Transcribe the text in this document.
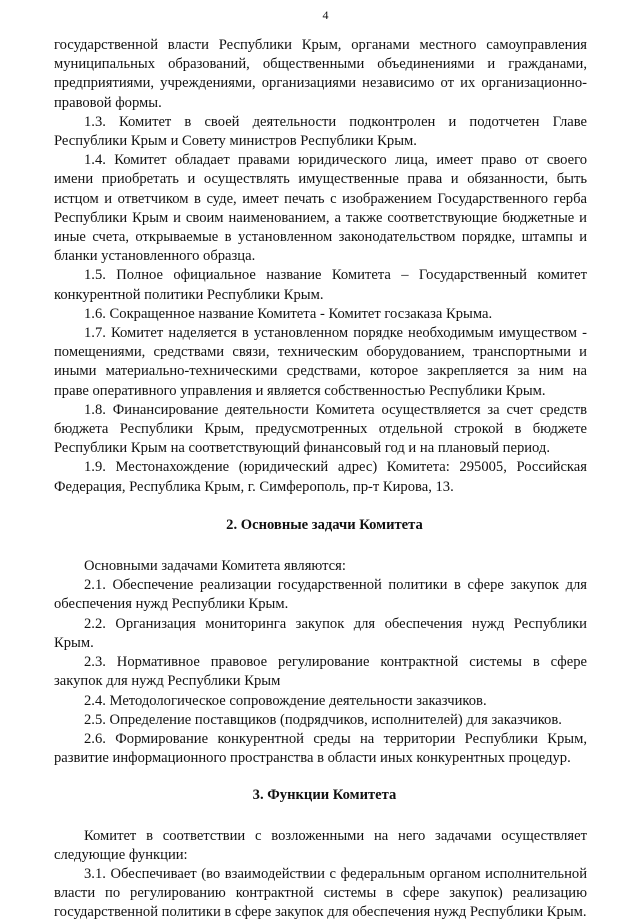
4

государственной власти Республики Крым, органами местного самоуправления муниципальных образований, общественными объединениями и гражданами, предприятиями, учреждениями, организациями независимо от их организационно-правовой формы.

1.3. Комитет в своей деятельности подконтролен и подотчетен Главе Республики Крым и Совету министров Республики Крым.

1.4. Комитет обладает правами юридического лица, имеет право от своего имени приобретать и осуществлять имущественные права и обязанности, быть истцом и ответчиком в суде, имеет печать с изображением Государственного герба Республики Крым и своим наименованием, а также соответствующие бюджетные и иные счета, открываемые в установленном законодательством порядке, штампы и бланки установленного образца.

1.5. Полное официальное название Комитета – Государственный комитет конкурентной политики Республики Крым.

1.6. Сокращенное название Комитета - Комитет госзаказа Крыма.

1.7. Комитет наделяется в установленном порядке необходимым имуществом - помещениями, средствами связи, техническим оборудованием, транспортными и иными материально-техническими средствами, которое закрепляется за ним на праве оперативного управления и является собственностью Республики Крым.

1.8. Финансирование деятельности Комитета осуществляется за счет средств бюджета Республики Крым, предусмотренных отдельной строкой в бюджете Республики Крым на соответствующий финансовый год и на плановый период.

1.9. Местонахождение (юридический адрес) Комитета: 295005, Российская Федерация, Республика Крым, г. Симферополь, пр-т Кирова, 13.

2. Основные задачи Комитета

Основными задачами Комитета являются:

2.1. Обеспечение реализации государственной политики в сфере закупок для обеспечения нужд Республики Крым.

2.2. Организация мониторинга закупок для обеспечения нужд Республики Крым.

2.3. Нормативное правовое регулирование контрактной системы в сфере закупок для нужд Республики Крым

2.4. Методологическое сопровождение деятельности заказчиков.

2.5. Определение поставщиков (подрядчиков, исполнителей) для заказчиков.

2.6. Формирование конкурентной среды на территории Республики Крым, развитие информационного пространства в области иных конкурентных процедур.

3. Функции Комитета

Комитет в соответствии с возложенными на него задачами осуществляет следующие функции:

3.1. Обеспечивает (во взаимодействии с федеральным органом исполнительной власти по регулированию контрактной системы в сфере закупок) реализацию государственной политики в сфере закупок для обеспечения нужд Республики Крым.
